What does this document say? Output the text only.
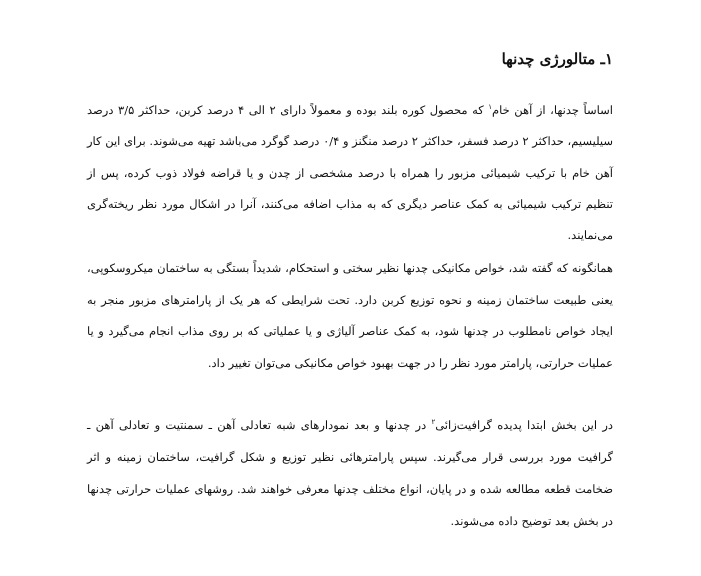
۱ـ متالورژی چدنها

اساساً چدنها، از آهن خام$^۱$ که محصول کوره بلند بوده و معمولاً دارای ۲ الی ۴ درصد کربن، حداکثر ۳/۵ درصد سیلیسیم، حداکثر ۲ درصد فسفر، حداکثر ۲ درصد منگنز و ۰/۴ درصد گوگرد می‌باشد تهیه می‌شوند. برای این کار آهن خام با ترکیب شیمیائی مزبور را همراه با درصد مشخصی از چدن و یا قراضه فولاد ذوب کرده، پس از تنظیم ترکیب شیمیائی به کمک عناصر دیگری که به مذاب اضافه می‌کنند، آنرا در اشکال مورد نظر ریخته‌گری می‌نمایند.

همانگونه که گفته شد، خواص مکانیکی چدنها نظیر سختی و استحکام، شدیداً بستگی به ساختمان میکروسکوپی، یعنی طبیعت ساختمان زمینه و نحوه توزیع کربن دارد. تحت شرایطی که هر یک از پارامترهای مزبور منجر به ایجاد خواص نامطلوب در چدنها شود، به کمک عناصر آلیاژی و یا عملیاتی که بر روی مذاب انجام می‌گیرد و یا عملیات حرارتی، پارامتر مورد نظر را در جهت بهبود خواص مکانیکی می‌توان تغییر داد.

در این بخش ابتدا پدیده گرافیت‌زائی$^۲$ در چدنها و بعد نمودارهای شبه تعادلی آهن ـ سمنتیت و تعادلی آهن ـ گرافیت مورد بررسی قرار می‌گیرند. سپس پارامترهائی نظیر توزیع و شکل گرافیت، ساختمان زمینه و اثر ضخامت قطعه مطالعه شده و در پایان، انواع مختلف چدنها معرفی خواهند شد. روشهای عملیات حرارتی چدنها در بخش بعد توضیح داده می‌شوند.
